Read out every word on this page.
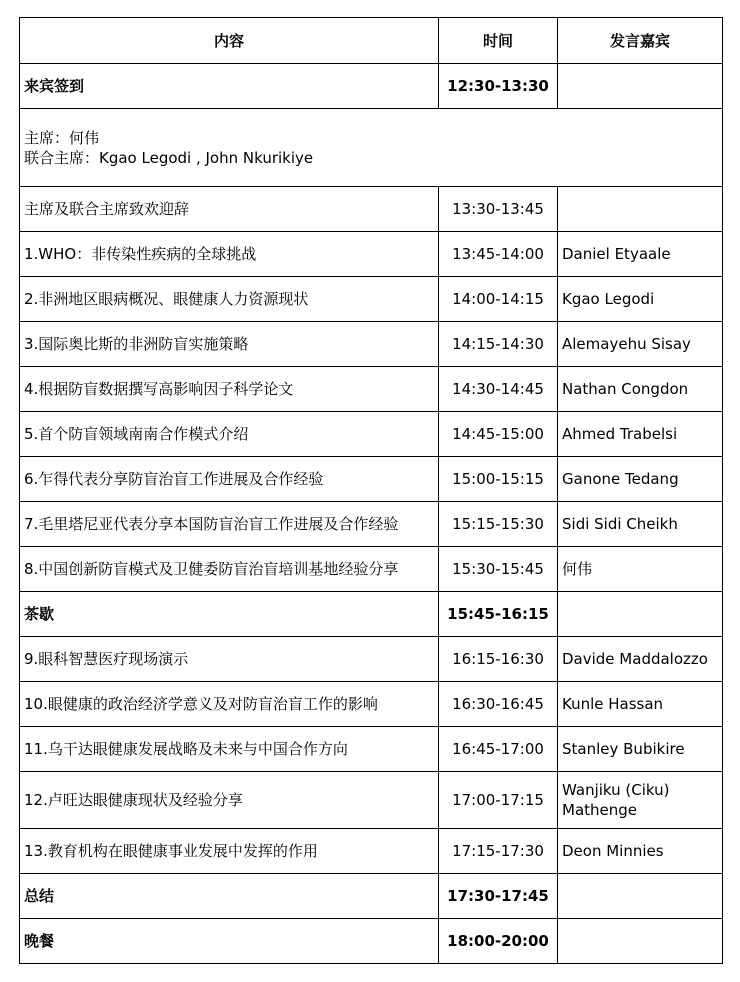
内容	时间	发言嘉宾
来宾签到	12:30-13:30	

主席：何伟
联合主席：Kgao Legodi , John Nkurikiye		

主席及联合主席致欢迎辞	13:30-13:45	
1.WHO：非传染性疾病的全球挑战	13:45-14:00	Daniel Etyaale
2.非洲地区眼病概况、眼健康人力资源现状	14:00-14:15	Kgao Legodi
3.国际奥比斯的非洲防盲实施策略	14:15-14:30	Alemayehu Sisay
4.根据防盲数据撰写高影响因子科学论文	14:30-14:45	Nathan Congdon
5.首个防盲领域南南合作模式介绍	14:45-15:00	Ahmed Trabelsi
6.乍得代表分享防盲治盲工作进展及合作经验	15:00-15:15	Ganone Tedang
7.毛里塔尼亚代表分享本国防盲治盲工作进展及合作经验	15:15-15:30	Sidi Sidi Cheikh
8.中国创新防盲模式及卫健委防盲治盲培训基地经验分享	15:30-15:45	何伟
茶歇	15:45-16:15	
9.眼科智慧医疗现场演示	16:15-16:30	Davide Maddalozzo
10.眼健康的政治经济学意义及对防盲治盲工作的影响	16:30-16:45	Kunle Hassan
11.乌干达眼健康发展战略及未来与中国合作方向	16:45-17:00	Stanley Bubikire
12.卢旺达眼健康现状及经验分享	17:00-17:15	Wanjiku (Ciku)
Mathenge

13.教育机构在眼健康事业发展中发挥的作用	17:15-17:30	Deon Minnies
总结	17:30-17:45	
晚餐	18:00-20:00	
